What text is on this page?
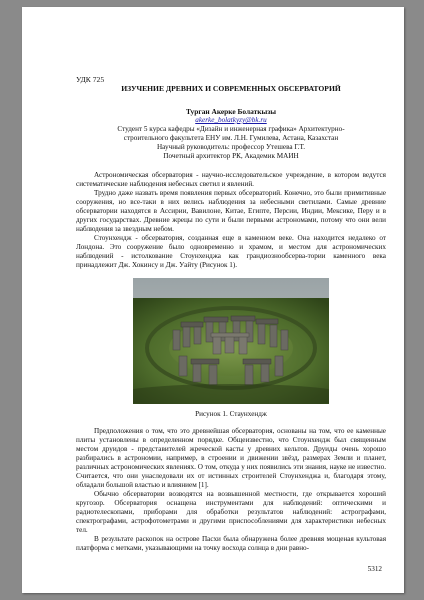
УДК 725
ИЗУЧЕНИЕ ДРЕВНИХ И СОВРЕМЕННЫХ ОБСЕРВАТОРИЙ
Турган Акерке Болаткызы
akerke_bolatkyzy@bk.ru
Студент 5 курса кафедры «Дизайн и инженерная графика» Архитектурно-
строительного факультета ЕНУ им. Л.Н. Гумилева, Астана, Казахстан
Научный руководитель: профессор Утешева Г.Т.
Почетный архитектор РК, Академик МАИН

Астрономическая обсерватория - научно-исследовательское учреждение, в котором ведутся систематические наблюдения небесных светил и явлений.

Трудно даже назвать время появления первых обсерваторий. Конечно, это были примитивные сооружения, но все-таки в них велись наблюдения за небесными светилами. Самые древние обсерватории находятся в Ассирии, Вавилоне, Китае, Египте, Персии, Индии, Мексике, Перу и в других государствах. Древние жрецы по сути и были первыми астрономами, потому что они вели наблюдения за звездным небом.

Стоунхендж - обсерватория, созданная еще в каменном веке. Она находится недалеко от Лондона. Это сооружение было одновременно и храмом, и местом для астрономических наблюдений - истолкование Стоунхенджа как грандиознообсерва-тории каменного века принадлежит Дж. Хокинсу и Дж. Уайту (Рисунок 1).

Рисунок 1. Стаунхендж

Предположения о том, что это древнейшая обсерватория, основаны на том, что ее каменные плиты установлены в определенном порядке. Общеизвестно, что Стоунхендж был священным местом друидов - представителей жреческой касты у древних кельтов. Друиды очень хорошо разбирались в астрономии, например, в строении и движении звёзд, размерах Земли и планет, различных астрономических явлениях. О том, откуда у них появились эти знания, науке не известно. Считается, что они унаследовали их от истинных строителей Стоунхенджа и, благодаря этому, обладали большой властью и влиянием [1].

Обычно обсерватории возводятся на возвышенной местности, где открывается хороший кругозор. Обсерватория оснащена инструментами для наблюдений: оптическими и радиотелескопами, приборами для обработки результатов наблюдений: астрографами, спектрографами, астрофотометрами и другими приспособлениями для характеристики небесных тел.

В результате раскопок на острове Пасхи была обнаружена более древняя мощеная культовая платформа с метками, указывающими на точку восхода солнца в дни равно-

5312
